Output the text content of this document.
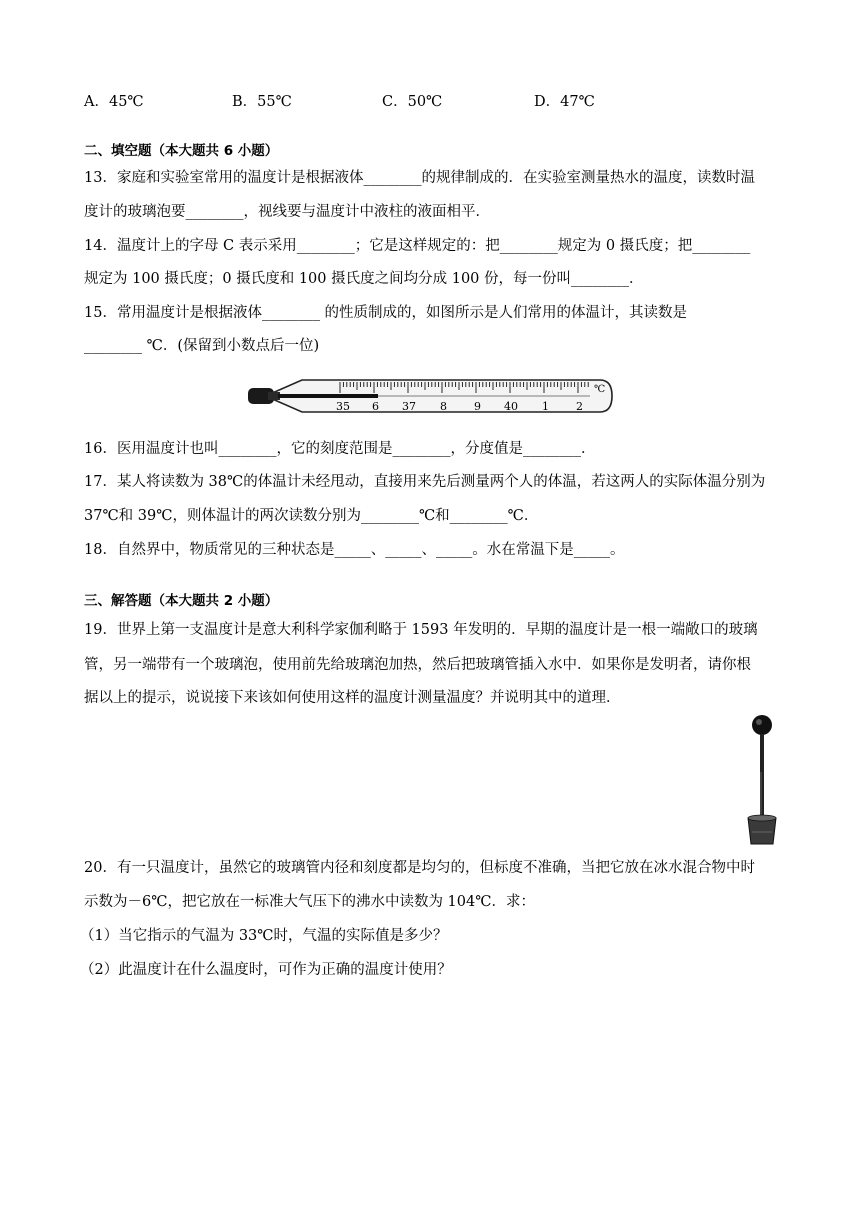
A．45℃	B．55℃	C．50℃	D．47℃
二、填空题（本大题共 6 小题）
13．家庭和实验室常用的温度计是根据液体________的规律制成的．在实验室测量热水的温度，读数时温
度计的玻璃泡要________，视线要与温度计中液柱的液面相平．
14．温度计上的字母 C 表示采用________；它是这样规定的：把________规定为 0 摄氏度；把________
规定为 100 摄氏度；0 摄氏度和 100 摄氏度之间均分成 100 份，每一份叫________．
15．常用温度计是根据液体________ 的性质制成的，如图所示是人们常用的体温计，其读数是
________ ℃．(保留到小数点后一位)
35 6 37 8 9 40 1 2
℃
16．医用温度计也叫________，它的刻度范围是________，分度值是________．
17．某人将读数为 38℃的体温计未经甩动，直接用来先后测量两个人的体温，若这两人的实际体温分别为
37℃和 39℃，则体温计的两次读数分别为________℃和________℃．
18．自然界中，物质常见的三种状态是_____、_____、_____。水在常温下是_____。
三、解答题（本大题共 2 小题）
19．世界上第一支温度计是意大利科学家伽利略于 1593 年发明的．早期的温度计是一根一端敞口的玻璃
管，另一端带有一个玻璃泡，使用前先给玻璃泡加热，然后把玻璃管插入水中．如果你是发明者，请你根
据以上的提示，说说接下来该如何使用这样的温度计测量温度？并说明其中的道理．
20．有一只温度计，虽然它的玻璃管内径和刻度都是均匀的，但标度不准确，当把它放在冰水混合物中时
示数为－6℃，把它放在一标准大气压下的沸水中读数为 104℃．求：
（1）当它指示的气温为 33℃时，气温的实际值是多少？
（2）此温度计在什么温度时，可作为正确的温度计使用？
